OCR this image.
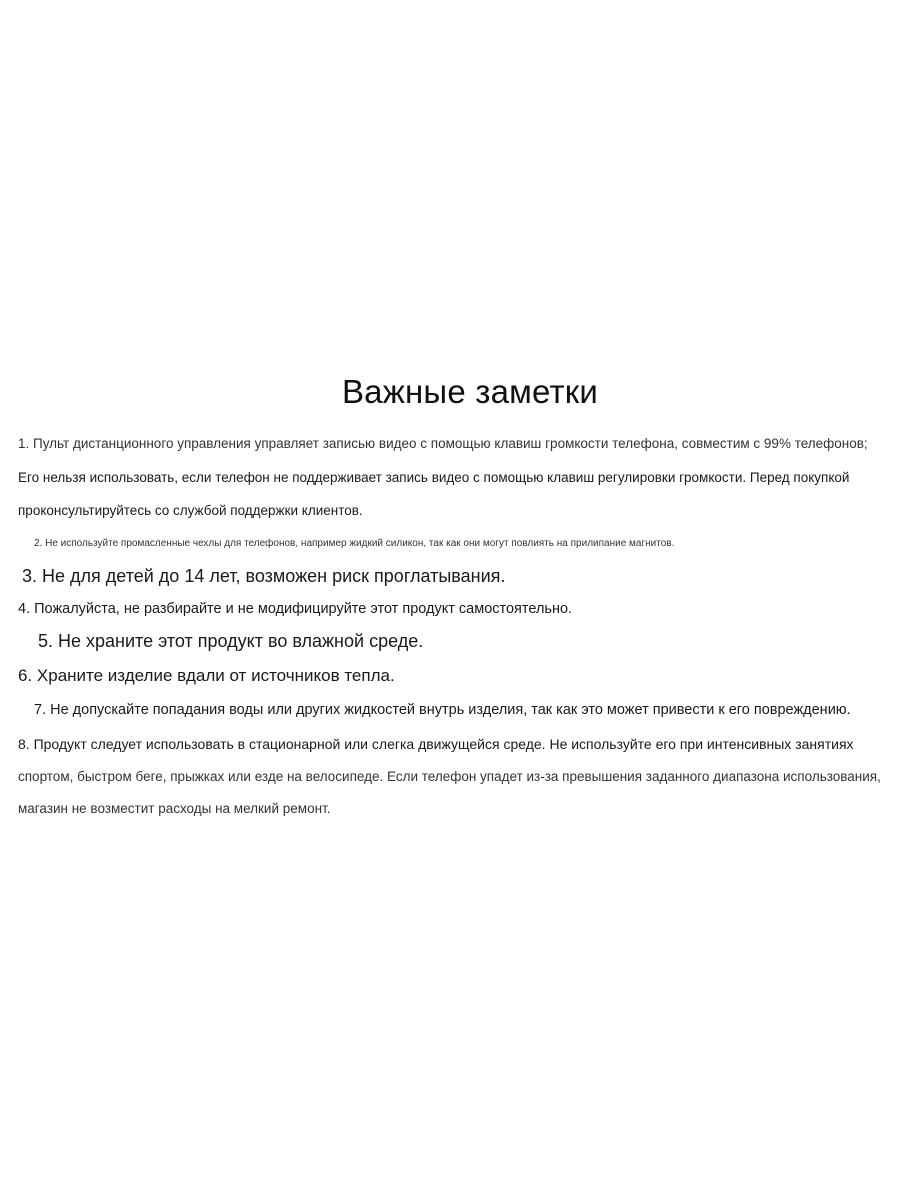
Важные заметки
1. Пульт дистанционного управления управляет записью видео с помощью клавиш громкости телефона, совместим с 99% телефонов;
Его нельзя использовать, если телефон не поддерживает запись видео с помощью клавиш регулировки громкости. Перед покупкой
проконсультируйтесь со службой поддержки клиентов.
2. Не используйте промасленные чехлы для телефонов, например жидкий силикон, так как они могут повлиять на прилипание магнитов.
3. Не для детей до 14 лет, возможен риск проглатывания.
4. Пожалуйста, не разбирайте и не модифицируйте этот продукт самостоятельно.
5. Не храните этот продукт во влажной среде.
6. Храните изделие вдали от источников тепла.
7. Не допускайте попадания воды или других жидкостей внутрь изделия, так как это может привести к его повреждению.
8. Продукт следует использовать в стационарной или слегка движущейся среде. Не используйте его при интенсивных занятиях
спортом, быстром беге, прыжках или езде на велосипеде. Если телефон упадет из-за превышения заданного диапазона использования,
магазин не возместит расходы на мелкий ремонт.
